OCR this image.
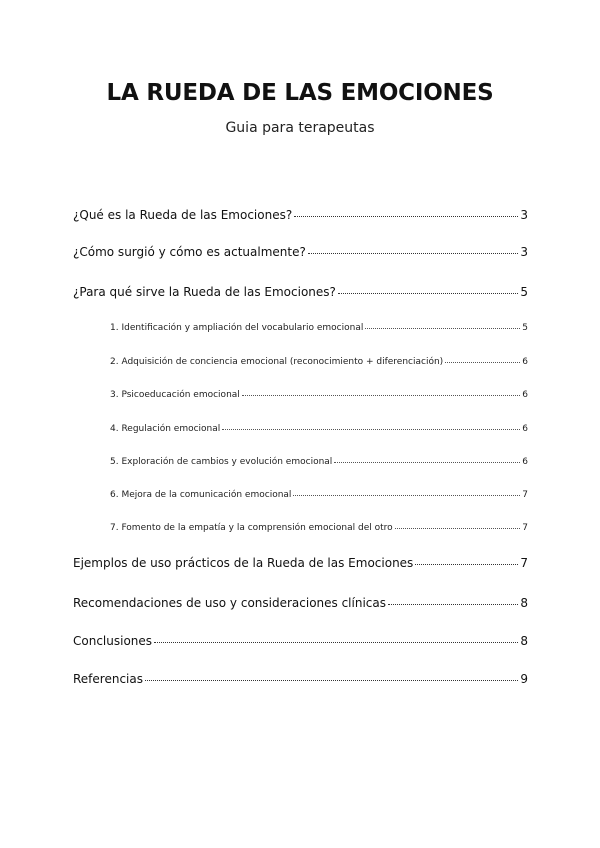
LA RUEDA DE LAS EMOCIONES
Guia para terapeutas
¿Qué es la Rueda de las Emociones?	3
¿Cómo surgió y cómo es actualmente?	3
¿Para qué sirve la Rueda de las Emociones?	5
1. Identificación y ampliación del vocabulario emocional	5
2. Adquisición de conciencia emocional (reconocimiento + diferenciación)	6
3. Psicoeducación emocional	6
4. Regulación emocional	6
5. Exploración de cambios y evolución emocional	6
6. Mejora de la comunicación emocional	7
7. Fomento de la empatía y la comprensión emocional del otro	7
Ejemplos de uso prácticos de la Rueda de las Emociones	7
Recomendaciones de uso y consideraciones clínicas	8
Conclusiones	8
Referencias	9
